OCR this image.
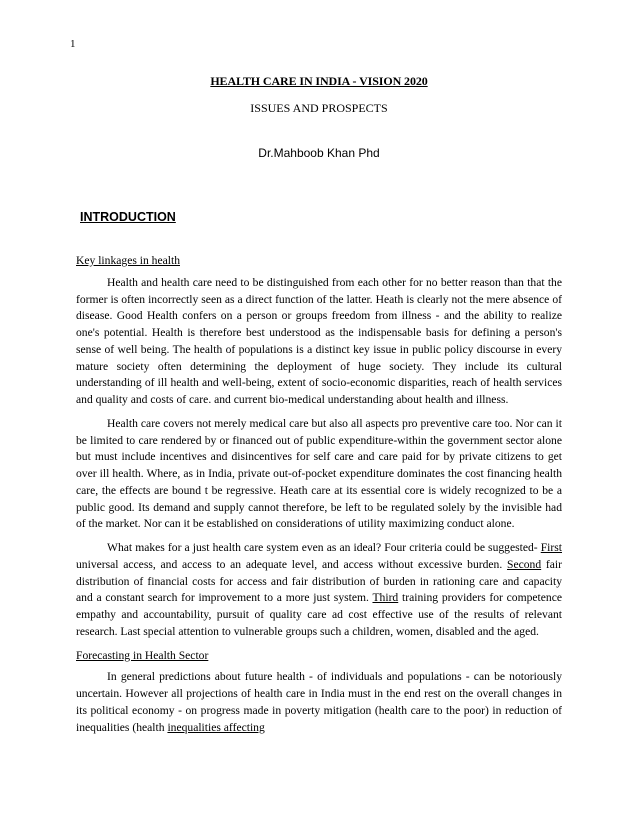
1
HEALTH CARE IN INDIA - VISION 2020
ISSUES AND PROSPECTS
Dr.Mahboob Khan Phd
INTRODUCTION
Key linkages in health

Health and health care need to be distinguished from each other for no better reason than that the former is often incorrectly seen as a direct function of the latter. Heath is clearly not the mere absence of disease. Good Health confers on a person or groups freedom from illness - and the ability to realize one's potential. Health is therefore best understood as the indispensable basis for defining a person's sense of well being. The health of populations is a distinct key issue in public policy discourse in every mature society often determining the deployment of huge society. They include its cultural understanding of ill health and well-being, extent of socio-economic disparities, reach of health services and quality and costs of care. and current bio-medical understanding about health and illness.

Health care covers not merely medical care but also all aspects pro preventive care too. Nor can it be limited to care rendered by or financed out of public expenditure-within the government sector alone but must include incentives and disincentives for self care and care paid for by private citizens to get over ill health. Where, as in India, private out-of-pocket expenditure dominates the cost financing health care, the effects are bound t be regressive. Heath care at its essential core is widely recognized to be a public good. Its demand and supply cannot therefore, be left to be regulated solely by the invisible had of the market. Nor can it be established on considerations of utility maximizing conduct alone.

What makes for a just health care system even as an ideal? Four criteria could be suggested- First universal access, and access to an adequate level, and access without excessive burden. Second fair distribution of financial costs for access and fair distribution of burden in rationing care and capacity and a constant search for improvement to a more just system. Third training providers for competence empathy and accountability, pursuit of quality care ad cost effective use of the results of relevant research. Last special attention to vulnerable groups such a children, women, disabled and the aged.

Forecasting in Health Sector

In general predictions about future health - of individuals and populations - can be notoriously uncertain. However all projections of health care in India must in the end rest on the overall changes in its political economy - on progress made in poverty mitigation (health care to the poor) in reduction of inequalities (health inequalities affecting
